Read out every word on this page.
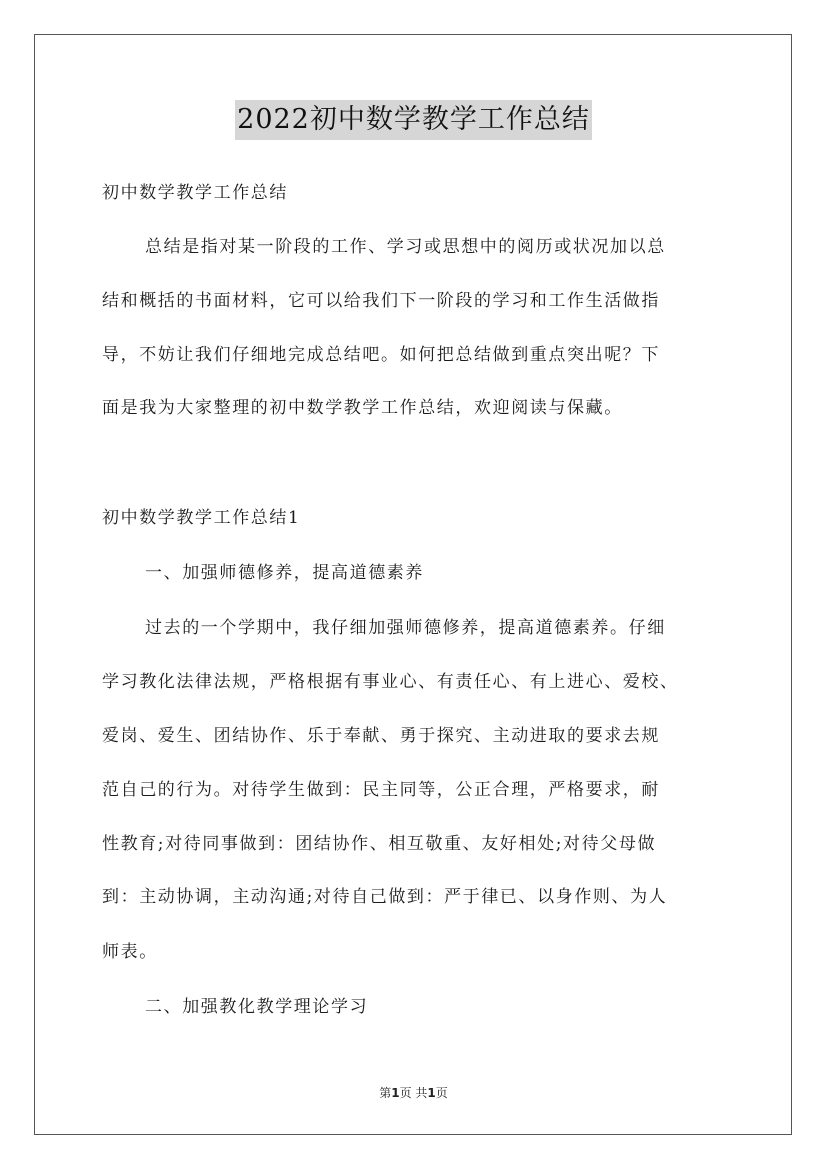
2022初中数学教学工作总结
初中数学教学工作总结
总结是指对某一阶段的工作、学习或思想中的阅历或状况加以总
结和概括的书面材料，它可以给我们下一阶段的学习和工作生活做指
导，不妨让我们仔细地完成总结吧。如何把总结做到重点突出呢？下
面是我为大家整理的初中数学教学工作总结，欢迎阅读与保藏。
初中数学教学工作总结1
一、加强师德修养，提高道德素养
过去的一个学期中，我仔细加强师德修养，提高道德素养。仔细
学习教化法律法规，严格根据有事业心、有责任心、有上进心、爱校、
爱岗、爱生、团结协作、乐于奉献、勇于探究、主动进取的要求去规
范自己的行为。对待学生做到：民主同等，公正合理，严格要求，耐
性教育;对待同事做到：团结协作、相互敬重、友好相处;对待父母做
到：主动协调，主动沟通;对待自己做到：严于律已、以身作则、为人
师表。
二、加强教化教学理论学习
第1页 共1页
